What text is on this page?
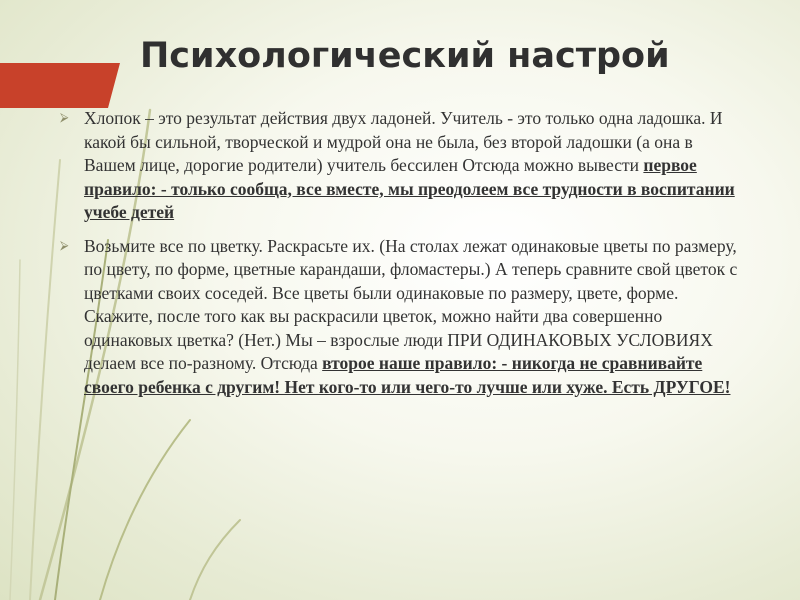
Психологический настрой

⮚ Хлопок – это результат действия двух ладоней. Учитель - это только одна ладошка. И какой бы сильной, творческой и мудрой она не была, без второй ладошки (а она в Вашем лице, дорогие родители) учитель бессилен Отсюда можно вывести первое правило: - только сообща, все вместе, мы преодолеем все трудности в воспитании учебе детей

⮚ Возьмите все по цветку. Раскрасьте их. (На столах лежат одинаковые цветы по размеру, по цвету, по форме, цветные карандаши, фломастеры.) А теперь сравните свой цветок с цветками своих соседей. Все цветы были одинаковые по размеру, цвете, форме. Скажите, после того как вы раскрасили цветок, можно найти два совершенно одинаковых цветка? (Нет.) Мы – взрослые люди ПРИ ОДИНАКОВЫХ УСЛОВИЯХ делаем все по-разному. Отсюда второе наше правило: - никогда не сравнивайте своего ребенка с другим! Нет кого-то или чего-то лучше или хуже. Есть ДРУГОЕ!
